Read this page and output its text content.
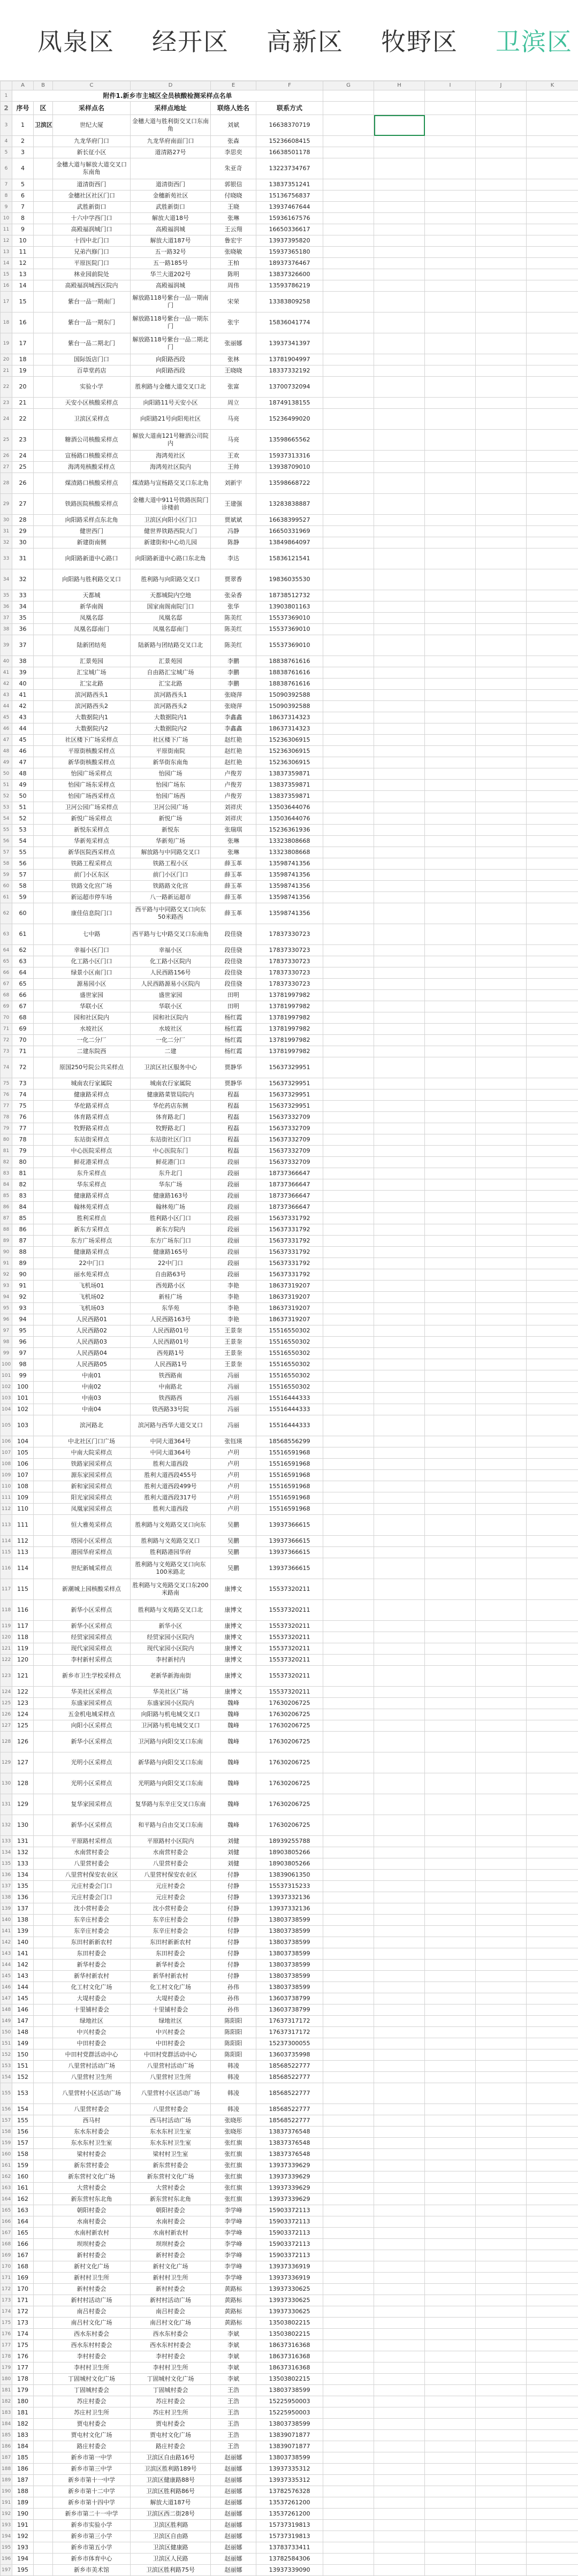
凤泉区 经开区 高新区 牧野区 卫滨区
	A	B	C	D	E	F	G	H	I	J	K	
1	附件1.新乡市主城区全员核酸检测采样点名单											
2	序号	区	采样点名	采样点地址	联络人姓名	联系方式						
3	1	卫滨区	世纪大厦	金穗大道与胜利街交叉口东南角	刘斌	16638370719						
4	2		九龙华府门口	九龙华府南面门口	张森	15236608415						
5	3		新长征小区	道清路27号	李思奕	16638501178						
6	4		金穗大道与解放大道交叉口东南角		朱亚奇	13223734767						
7	5		道清街西门	道清街西门	郭银信	13837351241						
8	6		金穗社区社区门口	金穗新苑社区	付晓晓	15136756837						
9	7		武胜新街口	武胜新街口	王晓	13937467644						
10	8		十六中学西门口	解放大道18号	张琳	15936167576						
11	9		高殿福润城门口	高殿福润城	王云翔	16650336617						
12	10		十四中北门口	解放大道187号	鲁宏宇	13937395820						
13	11		兄弟汽修门口	五一路32号	张晓敏	15937365180						
14	12		平原医院门口	五一路185号	王柏	18937376467						
15	13		林业园前院处	华兰大道202号	陈明	13837326600						
16	14		高殿福润城西区院内	高殿福润城	周伟	13593786219						
17	15		紫台一品一期南门	解放路118号紫台一品一期南门	宋荣	13383809258						
18	16		紫台一品一期东门	解放路118号紫台一品一期东门	张宇	15836041774						
19	17		紫台一品二期北门	解放路118号紫台一品二期北门	张丽娜	13937341397						
20	18		国际饭店门口	向阳路西段	张林	13781904997						
21	19		百草堂药店	向阳路西段	王晓晓	18337332192						
22	20		实验小学	胜利路与金穗大道交叉口北	张富	13700732094						
23	21		天安小区核酸采样点	向阳路11号天安小区	周立	18749138155						
24	22		卫滨区采样点	向阳路21号向阳苑社区	马亮	15236499020						
25	23		糖酒公司核酸采样点	解放大道南121号糖酒公司院内	马亮	13598665562						
26	24		宣杨路口核酸采样点	海鸿苑社区	王欢	15937313316						
27	25		海鸿苑核酸采样点	海鸿苑社区院内	王帅	13938709010						
28	26		煤渣路口核酸采样点	煤渣路与宣杨路交叉口东北角	刘新宇	13598668722						
29	27		铁路医院核酸采样点	金穗大道中911号铁路医院门诊楼前	王建强	13283838887						
30	28		向阳路采样点东北角	卫滨区向阳小区门口	贾斌斌	16638399527						
31	29		健世西门	健世界铁路西院大门	冯静	16650331969						
32	30		新建街南侧	新建街和中心幼儿园	陈静	13849864097						
33	31		向阳路新道中心路口	向阳路新道中心路口东北角	李达	15836121541						
34	32		向阳路与胜利路交叉口	胜利路与向阳路交叉口	贾翠香	19836035530						
35	33		天都城	天都城院内空地	张朵香	18738512732						
36	34		新华南阁	国家南阁南院门口	张华	13903801163						
37	35		凤凰名邸	凤凰名邸	陈美红	15537369010						
38	36		凤凰名邸南门	凤凰名邸南门	陈美红	15537369010						
39	37		陆新团结苑	陆新路与团结路交叉口北	陈美红	15537369010						
40	38		汇景苑园	汇景苑园	李鹏	18838761616						
41	39		汇宝城广场	自由路汇宝城广场	李鹏	18838761616						
42	40		汇宝北路	汇宝北路	李鹏	18838761616						
43	41		滨河路西头1	滨河路西头1	张晓萍	15090392588						
44	42		滨河路西头2	滨河路西头2	张晓萍	15090392588						
45	43		大数据院内1	大数据院内1	李鑫鑫	18637314323						
46	44		大数据院内2	大数据院内2	李鑫鑫	18637314323						
47	45		社区楼下广场采样点	社区楼下广场	赵红艳	15236306915						
48	46		平原街核酸采样点	平原街南院	赵红艳	15236306915						
49	47		新华街核酸采样点	新华街东南角	赵红艳	15236306915						
50	48		怡园广场采样点	怡园广场	卢俊芳	13837359871						
51	49		怡园广场东采样点	怡园广场东	卢俊芳	13837359871						
52	50		怡园广场西采样点	怡园广场西	卢俊芳	13837359871						
53	51		卫河公园广场采样点	卫河公园广场	刘祥庆	13503644076						
54	52		新悦广场采样点	新悦广场	刘祥庆	13503644076						
55	53		新悦东采样点	新悦东	张瑞琪	15236361936						
56	54		华新苑采样点	华新苑广场	张琳	13323808668						
57	55		新华医院西采样点	解放路与中同路交叉口	张琳	13323808668						
58	56		铁路工程采样点	铁路工程小区	薛玉革	13598741356						
59	57		前门小区东区	前门小区门口	薛玉革	13598741356						
60	58		铁路文化宫广场	铁路路文化宫	薛玉革	13598741356						
61	59		新运超市停车场	八一路新运超市	薛玉革	13598741356						
62	60		康佳信息院门口	西平路与中同路交叉口向东50米路西	薛玉革	13598741356						
63	61		七中路	西平路与七中路交叉口东南角	段佳骁	17837330723						
64	62		幸福小区门口	幸福小区	段佳骁	17837330723						
65	63		化工路小区门口	化工路小区院内	段佳骁	17837330723						
66	64		绿景小区南门口	人民西路156号	段佳骁	17837330723						
67	65		源易园小区	人民西路源易小区院内	段佳骁	17837330723						
68	66		盛世家园	盛世家园	田明	13781997982						
69	67		华联小区	华联小区	田明	13781997982						
70	68		园和社区院内	园和社区院内	杨红霞	13781997982						
71	69		水坡社区	水坡社区	杨红霞	13781997982						
72	70		一化二分厂	一化二分厂	杨红霞	13781997982						
73	71		二建东院西	二建	杨红霞	13781997982						
74	72		原国250号院公共采样点	卫滨区社区服务中心	贾静华	15637329951						
75	73		城南农行家属院	城南农行家属院	贾静华	15637329951						
76	74		健康路采样点	健康路菜管局院内	程磊	15637329951						
77	75		华佗路采样点	华佗药店东侧	程磊	15637329951						
78	76		体育路采样点	体育路北门	程磊	15637332709						
79	77		牧野路采样点	牧野路北门	程磊	15637332709						
80	78		东站街采样点	东站街社区门口	程磊	15637332709						
81	79		中心医院采样点	中心医院东门	程磊	15637332709						
82	80		鲜花港采样点	鲜花港门口	段丽	15637332709						
83	81		东升采样点	东升北门	段丽	18737366647						
84	82		华东采样点	华东广场	段丽	18737366647						
85	83		健康路采样点	健康路163号	段丽	18737366647						
86	84		翰林苑采样点	翰林苑广场	段丽	18737366647						
87	85		胜利采样点	胜利路小区门口	段丽	15637331792						
88	86		新东方采样点	新东方院内	段丽	15637331792						
89	87		东方广场采样点	东方广场东门口	段丽	15637331792						
90	88		健康路采样点	健康路165号	段丽	15637331792						
91	89		22中门口	22中门口	段丽	15637331792						
92	90		丽水苑采样点	自由路63号	段丽	15637331792						
93	91		飞机场01	西苑路小区	李艳	18637319207						
94	92		飞机场02	新桂广场	李艳	18637319207						
95	93		飞机场03	东华苑	李艳	18637319207						
96	94		人民西路01	人民西路163号	李艳	18637319207						
97	95		人民西路02	人民西路01号	王景奎	15516550302						
98	96		人民西路03	人民西路01号	王景奎	15516550302						
99	97		人民西路04	西苑路1号	王景奎	15516550302						
100	98		人民西路05	人民西路1号	王景奎	15516550302						
101	99		中南01	铁西路南	冯丽	15516550302						
102	100		中南02	中南路北	冯丽	15516550302						
103	101		中南03	铁西路西	冯丽	15516444333						
104	102		中南04	铁西路33号院	冯丽	15516444333						
105	103		滨河路北	滨河路与西华大道交叉口	冯丽	15516444333						
106	104		中北社区门口广场	中同大道364号	张钰瑛	18568556299						
107	105		中南大院采样点	中同大道364号	卢玥	15516591968						
108	106		铁路家园采样点	胜利大道西段	卢玥	15516591968						
109	107		源东家园采样点	胜利大道西段455号	卢玥	15516591968						
110	108		新和家园采样点	胜利大道西段499号	卢玥	15516591968						
111	109		阳光家园采样点	胜利大道西段317号	卢玥	15516591968						
112	110		凤凰家园采样点	胜利大道西段	卢玥	15516591968						
113	111		恒大雅苑采样点	胜利路与文苑路交叉口向东	吴鹏	13937366615						
114	112		塔园小区采样点	胜利路与文苑路交叉口	吴鹏	13937366615						
115	113		港园华府采样点	胜利路港园华府	吴鹏	13937366615						
116	114		世纪新城采样点	胜利路与文苑路交叉口向东100米路北	吴鹏	13937366615						
117	115		新潮城上园核酸采样点	胜利路与文苑路交叉口东200米路南	康博文	15537320211						
118	116		新华小区采样点	胜利路与文苑路交叉口北	康博文	15537320211						
119	117		新华小区采样点	新华小区	康博文	15537320211						
120	118		经贸家园采样点	经贸家园小区院内	康博文	15537320211						
121	119		现代家园采样点	现代家园小区院内	康博文	15537320211						
122	120		李村新村采样点	李村新村内	康博文	15537320211						
123	121		新乡市卫生学校采样点	老新华新海南街	康博文	15537320211						
124	122		华美社区采样点	华美社区广场	康博文	15537320211						
125	123		东盛家园采样点	东盛家园小区院内	魏峰	17630206725						
126	124		五金机电城采样点	向阳路与机电城交叉口	魏峰	17630206725						
127	125		向阳小区采样点	卫河路与机电城交叉口	魏峰	17630206725						
128	126		新华小区采样点	卫河路与向阳交叉口东南	魏峰	17630206725						
129	127		光明小区采样点	新华路与向阳交叉口东南	魏峰	17630206725						
130	128		光明小区采样点	光明路与向阳交叉口东南	魏峰	17630206725						
131	129		复华家园采样点	复华路与东辛庄交叉口东南	魏峰	17630206725						
132	130		新华小区采样点	和平路与自由交叉口东南	魏峰	17630206725						
133	131		平原路村采样点	平原路村小区院内	刘健	18939255788						
134	132		水南营村委会	水南营村委会	刘健	18903805266						
135	133		八里营村委会	八里营村委会	刘健	18903805266						
136	134		八里营村保安农业区	八里营村保安农业区	付静	13839061350						
137	135		元庄村委会门口	元庄村委会	付静	15537315233						
138	136		元庄村委会门口	元庄村委会	付静	13937332136						
139	137		沈小营村委会	沈小营村委会	付静	13937332136						
140	138		东辛庄村委会	东辛庄村委会	付静	13803738599						
141	139		东辛庄村委会	东辛庄村委会	付静	13803738599						
142	140		东田村新新农村	东田村新新农村	付静	13803738599						
143	141		东田村委会	东田村委会	付静	13803738599						
144	142		新华村委会	新华村委会	付静	13803738599						
145	143		新华村新农村	新华村新农村	付静	13803738599						
146	144		化工村文化广场	化工村文化广场	孙伟	13803738599						
147	145		大堤村委会	大堤村委会	孙伟	13603738799						
148	146		十里铺村委会	十里铺村委会	孙伟	13603738799						
149	147		绿地社区	绿地社区	陈阳阳	17637317172						
150	148		中兴村委会	中兴村委会	陈阳阳	17637317172						
151	149		中田村委会	中田村委会	陈阳阳	15237300055						
152	150		中田村党群活动中心	中田村党群活动中心	陈阳阳	13603735998						
153	151		八里营村活动广场	八里营村活动广场	韩凌	18568522777						
154	152		八里营村卫生所	八里营村卫生所	韩凌	18568522777						
155	153		八里营村小区活动广场	八里营村小区活动广场	韩凌	18568522777						
156	154		八里营村委会	八里营村委会	韩凌	18568522777						
157	155		西马村	西马村活动广场	张晓彤	18568522777						
158	156		东水东村委会	东水东村卫生室	张晓彤	13837376548						
159	157		东水东村卫生室	东水东村卫生室	张红旗	13837376548						
160	158		梁村村委会	梁村村卫生室	张红旗	13837376548						
161	159		新东营村委会	新东营村委会	张红旗	13937339629						
162	160		新东营村文化广场	新东营村文化广场	张红旗	13937339629						
163	161		大营村委会	大营村委会	张红旗	13937339629						
164	162		新东营村东北角	新东营村东北角	张红旗	13937339629						
165	163		朝阳村委会	朝阳村委会	李学峰	15903372113						
166	164		水南村委会	水南村委会	李学峰	15903372113						
167	165		水南村新农村	水南村新农村	李学峰	15903372113						
168	166		坝坝村委会	坝坝村委会	李学峰	15903372113						
169	167		新村村委会	新村村委会	李学峰	15903372113						
170	168		新村文化广场	新村文化广场	李学峰	13937336919						
171	169		新村村卫生所	新村村卫生所	李学峰	13937336919						
172	170		新村村委会	新村村委会	黄路标	13937330625						
173	171		新村村活动广场	新村村活动广场	黄路标	13937330625						
174	172		南吕村委会	南吕村委会	黄路标	13937330625						
175	173		南吕村文化广场	南吕村文化广场	黄路标	13503802215						
176	174		西水东村委会	西水东村委会	李斌	13503802215						
177	175		西水东村村委会	西水东村村委会	李斌	18637316368						
178	176		李村村委会	李村村委会	李斌	18637316368						
179	177		李村村卫生所	李村村卫生所	李斌	18637316368						
180	178		丁固城村文化广场	丁固城村文化广场	李斌	13503802215						
181	179		丁固城村委会	丁固城村委会	王浩	13803738599						
182	180		苏庄村委会	苏庄村委会	王浩	15225950003						
183	181		苏庄村卫生所	苏庄村卫生所	王浩	15225950003						
184	182		贾屯村委会	贾屯村委会	王浩	13803738599						
185	183		贾屯村文化广场	贾屯村文化广场	王浩	13839071877						
186	184		路庄村委会	路庄村委会	王浩	13839071877						
187	185		新乡市第一中学	卫滨区自由路16号	赵丽娜	13803738599						
188	186		新乡市第三中学	卫滨区胜利路189号	赵丽娜	13937335312						
189	187		新乡市第十一中学	卫滨区健康路88号	赵丽娜	13937335312						
190	188		新乡市第十二中学	卫滨区胜利路86号	赵丽娜	13782576328						
191	189		新乡市第十四中学	解放大道187号	赵丽娜	13537261200						
192	190		新乡市第二十一中学	卫滨区西二街28号	赵丽娜	13537261200						
193	191		新乡市实验小学	卫滨区胜利路	赵丽娜	15737319813						
194	192		新乡市第三小学	卫滨区自由路	赵丽娜	15737319813						
195	193		新乡市第五小学	卫滨区健康路	赵丽娜	13783733411						
196	194		新乡市体育中心	卫滨区人民路	赵丽娜	13782584306						
197	195		新乡市美术馆	卫滨区胜利路75号	赵丽娜	13937339090						
